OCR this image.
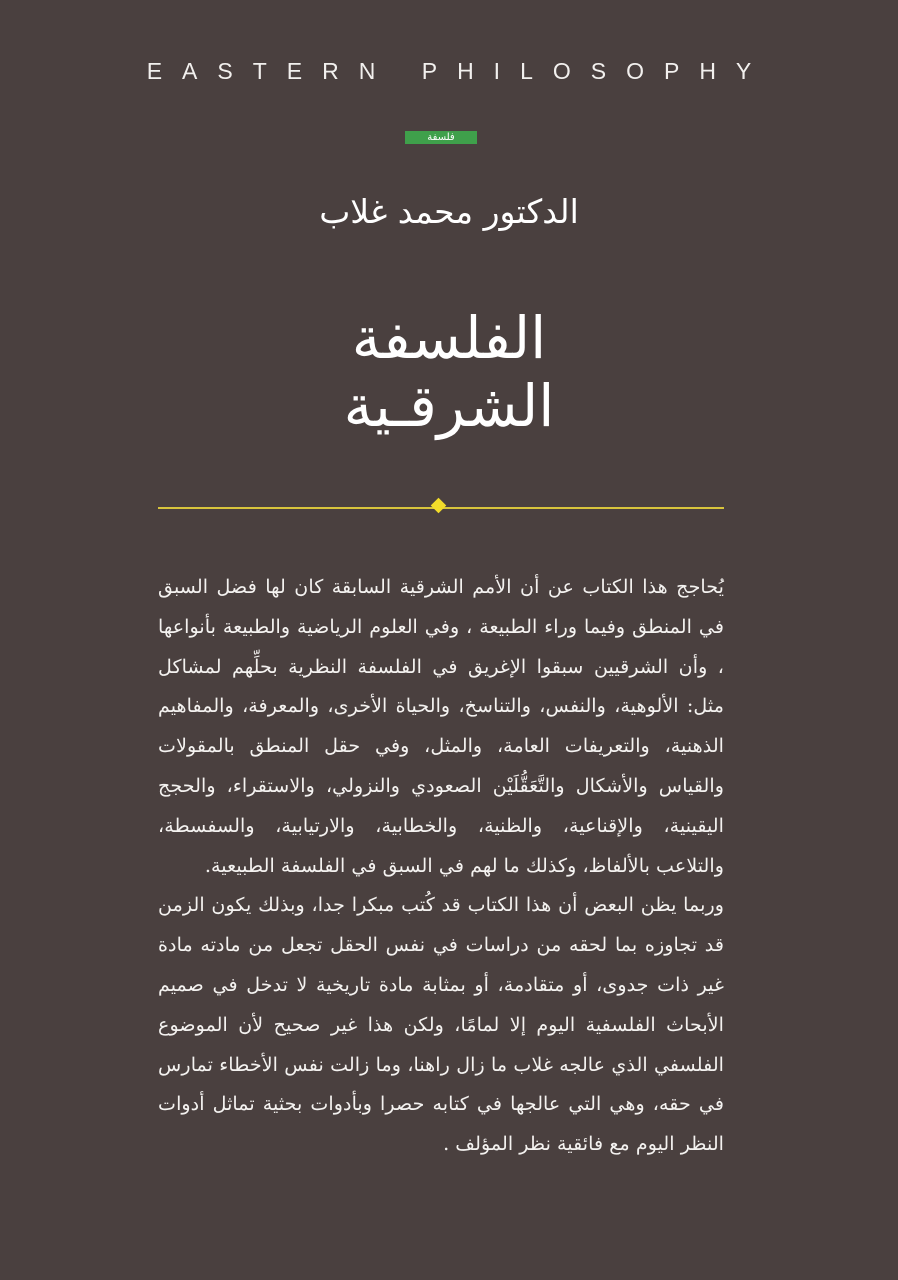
EASTERN PHILOSOPHY
فلسفة
الدكتور محمد غلاب
الفلسفة
الشرقـية

يُحاجج هذا الكتاب عن أن الأمم الشرقية السابقة كان لها فضل السبق في المنطق وفيما وراء الطبيعة ، وفي العلوم الرياضية والطبيعة بأنواعها ، وأن الشرقيين سبقوا الإغريق في الفلسفة النظرية بحلِّهم لمشاكل مثل: الألوهية، والنفس، والتناسخ، والحياة الأخرى، والمعرفة، والمفاهيم الذهنية، والتعريفات العامة، والمثل، وفي حقل المنطق بالمقولات والقياس والأشكال والتَّعَقُّلَيْن الصعودي والنزولي، والاستقراء، والحجج اليقينية، والإقناعية، والظنية، والخطابية، والارتيابية، والسفسطة، والتلاعب بالألفاظ، وكذلك ما لهم في السبق في الفلسفة الطبيعية.

وربما يظن البعض أن هذا الكتاب قد كُتب مبكرا جدا، وبذلك يكون الزمن قد تجاوزه بما لحقه من دراسات في نفس الحقل تجعل من مادته مادة غير ذات جدوى، أو متقادمة، أو بمثابة مادة تاريخية لا تدخل في صميم الأبحاث الفلسفية اليوم إلا لمامًا، ولكن هذا غير صحيح لأن الموضوع الفلسفي الذي عالجه غلاب ما زال راهنا، وما زالت نفس الأخطاء تمارس في حقه، وهي التي عالجها في كتابه حصرا وبأدوات بحثية تماثل أدوات النظر اليوم مع فائقية نظر المؤلف .
